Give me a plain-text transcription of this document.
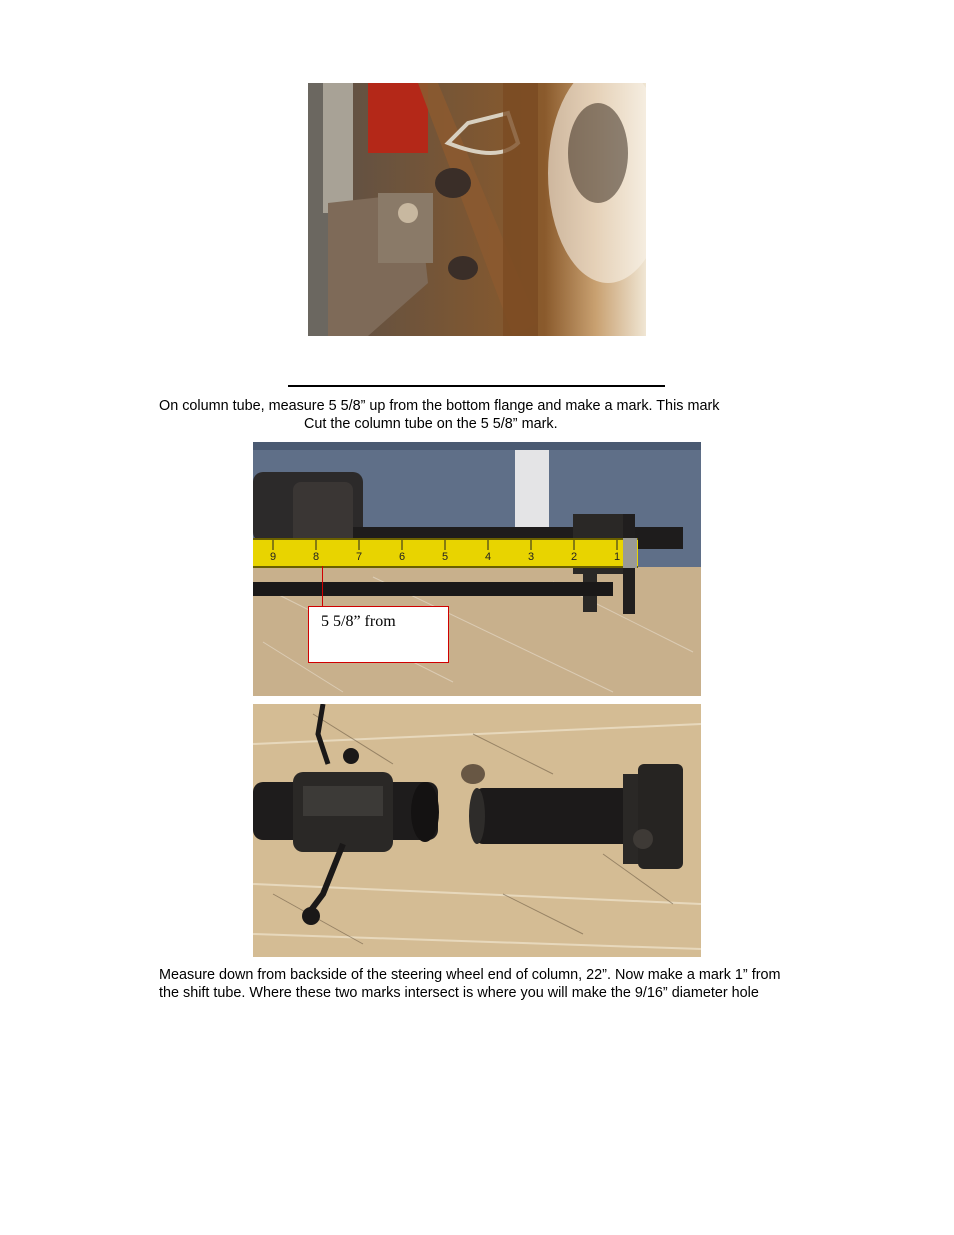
On column tube, measure 5 5/8” up from the bottom flange and make a mark. This mark
Cut the column tube on the 5 5/8” mark.
9	8	7	6	5	4	3	2	1
5 5/8” from
Measure down from backside of the steering wheel end of column, 22”. Now make a mark 1” from
the shift tube. Where these two marks intersect is where you will make the 9/16” diameter hole
